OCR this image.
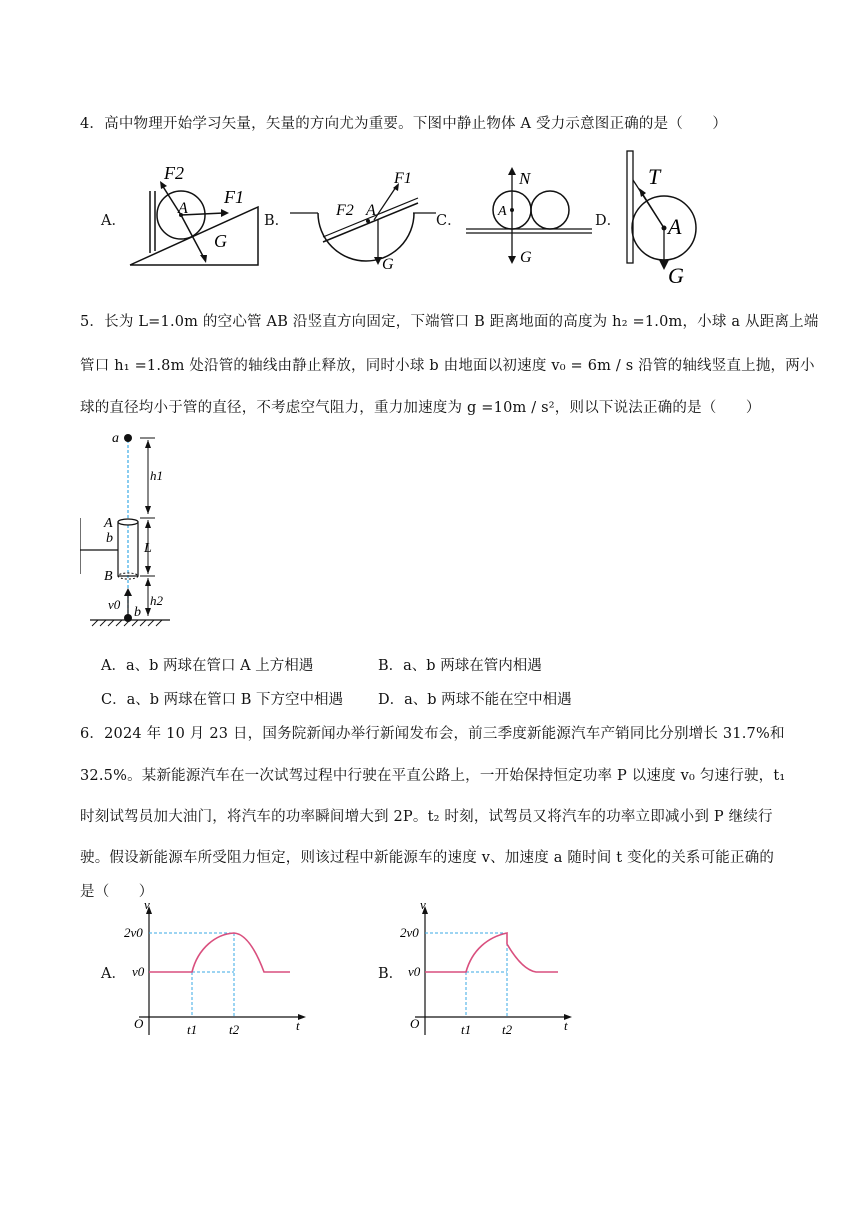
4．高中物理开始学习矢量，矢量的方向尤为重要。下图中静止物体 A 受力示意图正确的是（　　）
A．	B．	C．	D．
F2
F1
A
G
F1
F2 A
G
N
A
G
T
A
G
5．长为 L=1.0m 的空心管 AB 沿竖直方向固定，下端管口 B 距离地面的高度为 h₂ =1.0m，小球 a 从距离上端
管口 h₁ =1.8m 处沿管的轴线由静止释放，同时小球 b 由地面以初速度 v₀ = 6m / s 沿管的轴线竖直上抛，两小
球的直径均小于管的直径，不考虑空气阻力，重力加速度为 g =10m / s²，则以下说法正确的是（　　）
a
h1
A
b
L
B
v0 h2
b
A．a、b 两球在管口 A 上方相遇	B．a、b 两球在管内相遇
C．a、b 两球在管口 B 下方空中相遇 D．a、b 两球不能在空中相遇
6．2024 年 10 月 23 日，国务院新闻办举行新闻发布会，前三季度新能源汽车产销同比分别增长 31.7%和
32.5%。某新能源汽车在一次试驾过程中行驶在平直公路上，一开始保持恒定功率 P 以速度 v₀ 匀速行驶，t₁
时刻试驾员加大油门，将汽车的功率瞬间增大到 2P。t₂ 时刻，试驾员又将汽车的功率立即减小到 P 继续行
驶。假设新能源车所受阻力恒定，则该过程中新能源车的速度 v、加速度 a 随时间 t 变化的关系可能正确的
是（　　）
A．	B．
v
2v0
v0
O	t1 t2	t
v
2v0
v0
O	t1 t2	t
